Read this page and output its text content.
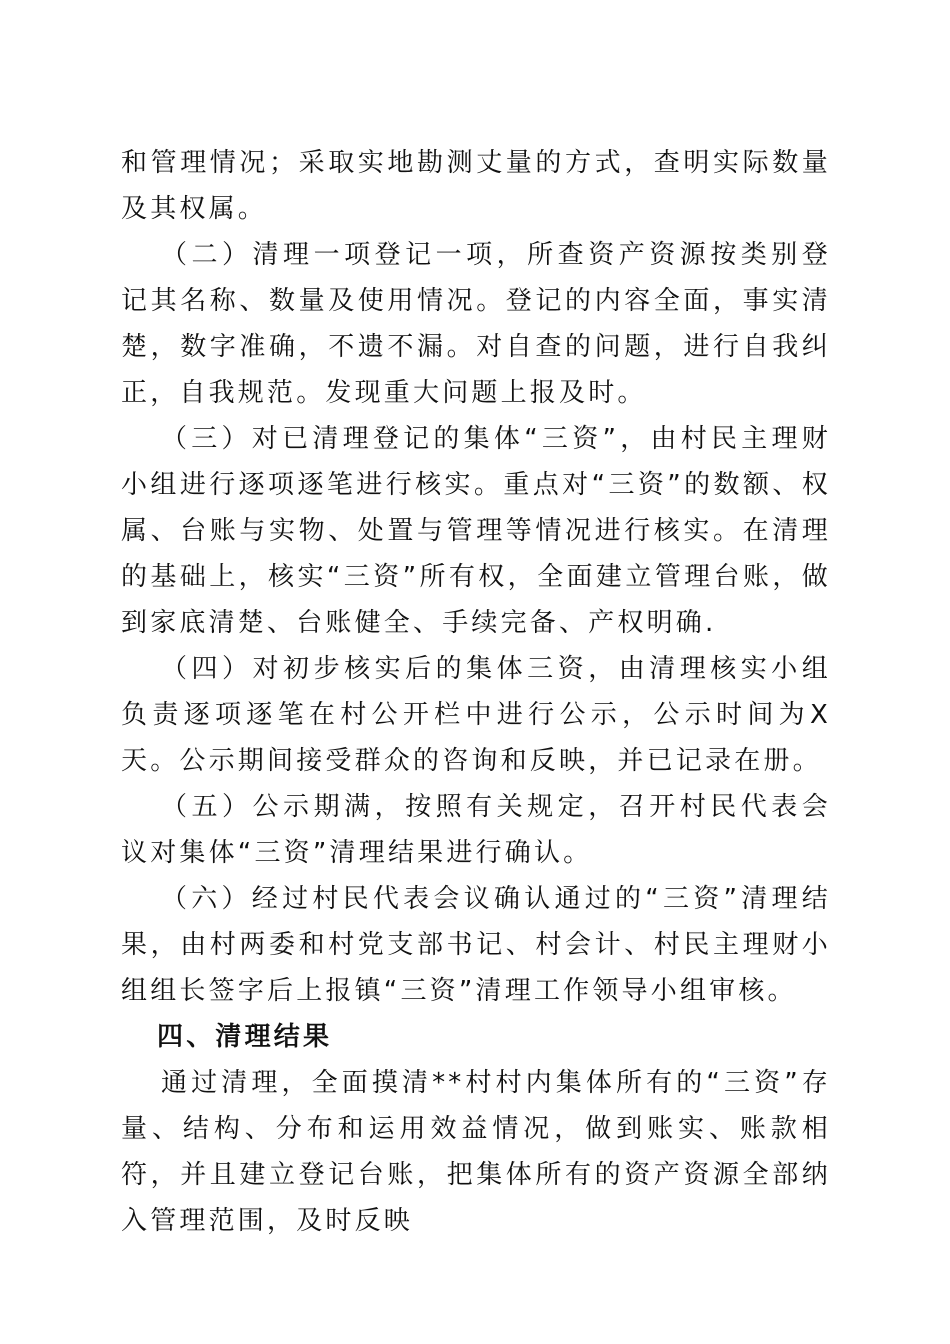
和管理情况；采取实地勘测丈量的方式，查明实际数量及其权属。

（二）清理一项登记一项，所查资产资源按类别登记其名称、数量及使用情况。登记的内容全面，事实清楚，数字准确，不遗不漏。对自查的问题，进行自我纠正，自我规范。发现重大问题上报及时。

（三）对已清理登记的集体“三资”，由村民主理财小组进行逐项逐笔进行核实。重点对“三资”的数额、权属、台账与实物、处置与管理等情况进行核实。在清理的基础上，核实“三资”所有权，全面建立管理台账，做到家底清楚、台账健全、手续完备、产权明确.

（四）对初步核实后的集体三资，由清理核实小组负责逐项逐笔在村公开栏中进行公示，公示时间为X天。公示期间接受群众的咨询和反映，并已记录在册。

（五）公示期满，按照有关规定，召开村民代表会议对集体“三资”清理结果进行确认。

（六）经过村民代表会议确认通过的“三资”清理结果，由村两委和村党支部书记、村会计、村民主理财小组组长签字后上报镇“三资”清理工作领导小组审核。

四、清理结果

通过清理，全面摸清**村村内集体所有的“三资”存量、结构、分布和运用效益情况，做到账实、账款相符，并且建立登记台账，把集体所有的资产资源全部纳入管理范围，及时反映
